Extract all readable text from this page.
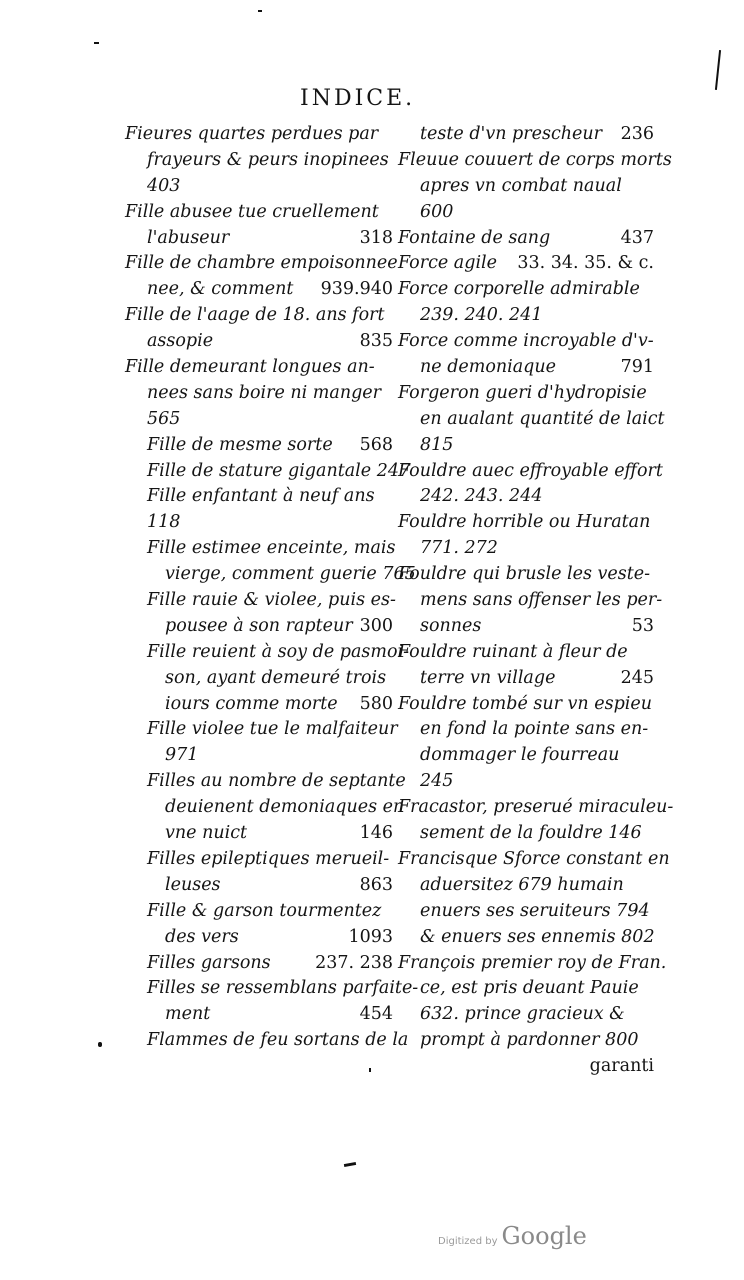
INDICE.
Fieures quartes perdues par
frayeurs & peurs inopinees
403
Fille abusee tue cruellement
l'abuseur	318
Fille de chambre empoisonnee
nee, & comment 939.940
Fille de l'aage de 18. ans fort
assopie	835
Fille demeurant longues an-
nees sans boire ni manger
565
Fille de mesme sorte 568
Fille de stature gigantale 247
Fille enfantant à neuf ans
118
Fille estimee enceinte, mais
vierge, comment guerie 765
Fille rauie & violee, puis es-
pousee à son rapteur 300
Fille reuient à soy de pasmoi-
son, ayant demeuré trois
iours comme morte 580
Fille violee tue le malfaiteur
971
Filles au nombre de septante
deuienent demoniaques en
vne nuict	146
Filles epileptiques merueil-
leuses	863
Fille & garson tourmentez
des vers	1093
Filles garsons	237. 238
Filles se ressemblans parfaite-
ment	454
Flammes de feu sortans de la
teste d'vn prescheur 236
Fleuue couuert de corps morts
apres vn combat naual
600
Fontaine de sang	437
Force agile 33. 34. 35. & c.
Force corporelle admirable
239. 240. 241
Force comme incroyable d'v-
ne demoniaque	791
Forgeron gueri d'hydropisie
en aualant quantité de laict
815
Fouldre auec effroyable effort
242. 243. 244
Fouldre horrible ou Huratan
771. 272
Fouldre qui brusle les veste-
mens sans offenser les per-
sonnes	53
Fouldre ruinant à fleur de
terre vn village	245
Fouldre tombé sur vn espieu
en fond la pointe sans en-
dommager le fourreau
245
Fracastor, preserué miraculeu-
sement de la fouldre 146
Francisque Sforce constant en
aduersitez 679 humain
enuers ses seruiteurs 794
& enuers ses ennemis 802
François premier roy de Fran.
ce, est pris deuant Pauie
632. prince gracieux &
prompt à pardonner 800
garanti
Digitized by Google
